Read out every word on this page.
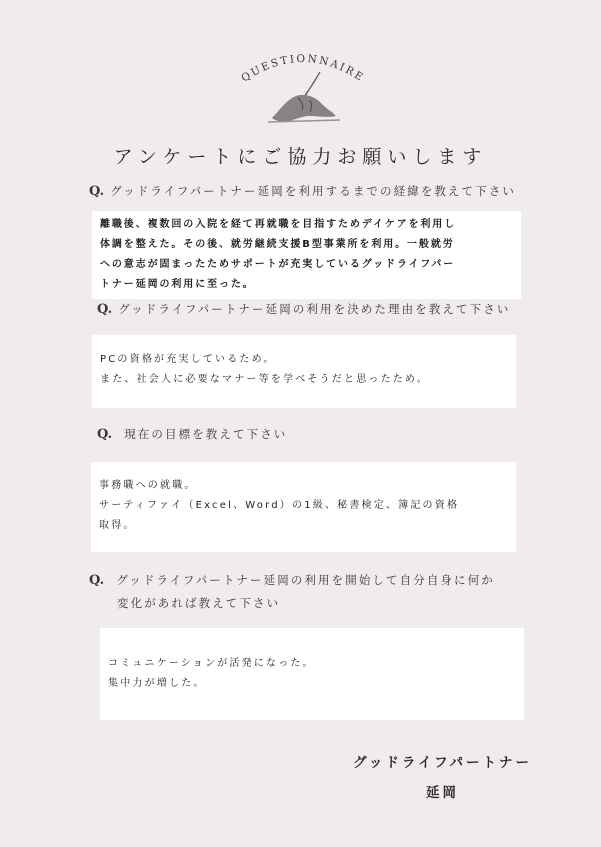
QUESTIONNAIRE
アンケートにご協力お願いします
Q. グッドライフパートナー延岡を利用するまでの経緯を教えて下さい

離職後、複数回の入院を経て再就職を目指すためデイケアを利用し

体調を整えた。その後、就労継続支援B型事業所を利用。一般就労

への意志が固まったためサポートが充実しているグッドライフパー

トナー延岡の利用に至った。

Q. グッドライフパートナー延岡の利用を決めた理由を教えて下さい

PCの資格が充実しているため。

また、社会人に必要なマナー等を学べそうだと思ったため。

Q. 現在の目標を教えて下さい

事務職への就職。

サーティファイ（Excel、Word）の1級、秘書検定、簿記の資格

取得。

Q. グッドライフパートナー延岡の利用を開始して自分自身に何か
変化があれば教えて下さい

コミュニケーションが活発になった。

集中力が増した。

グッドライフパートナー
延岡
